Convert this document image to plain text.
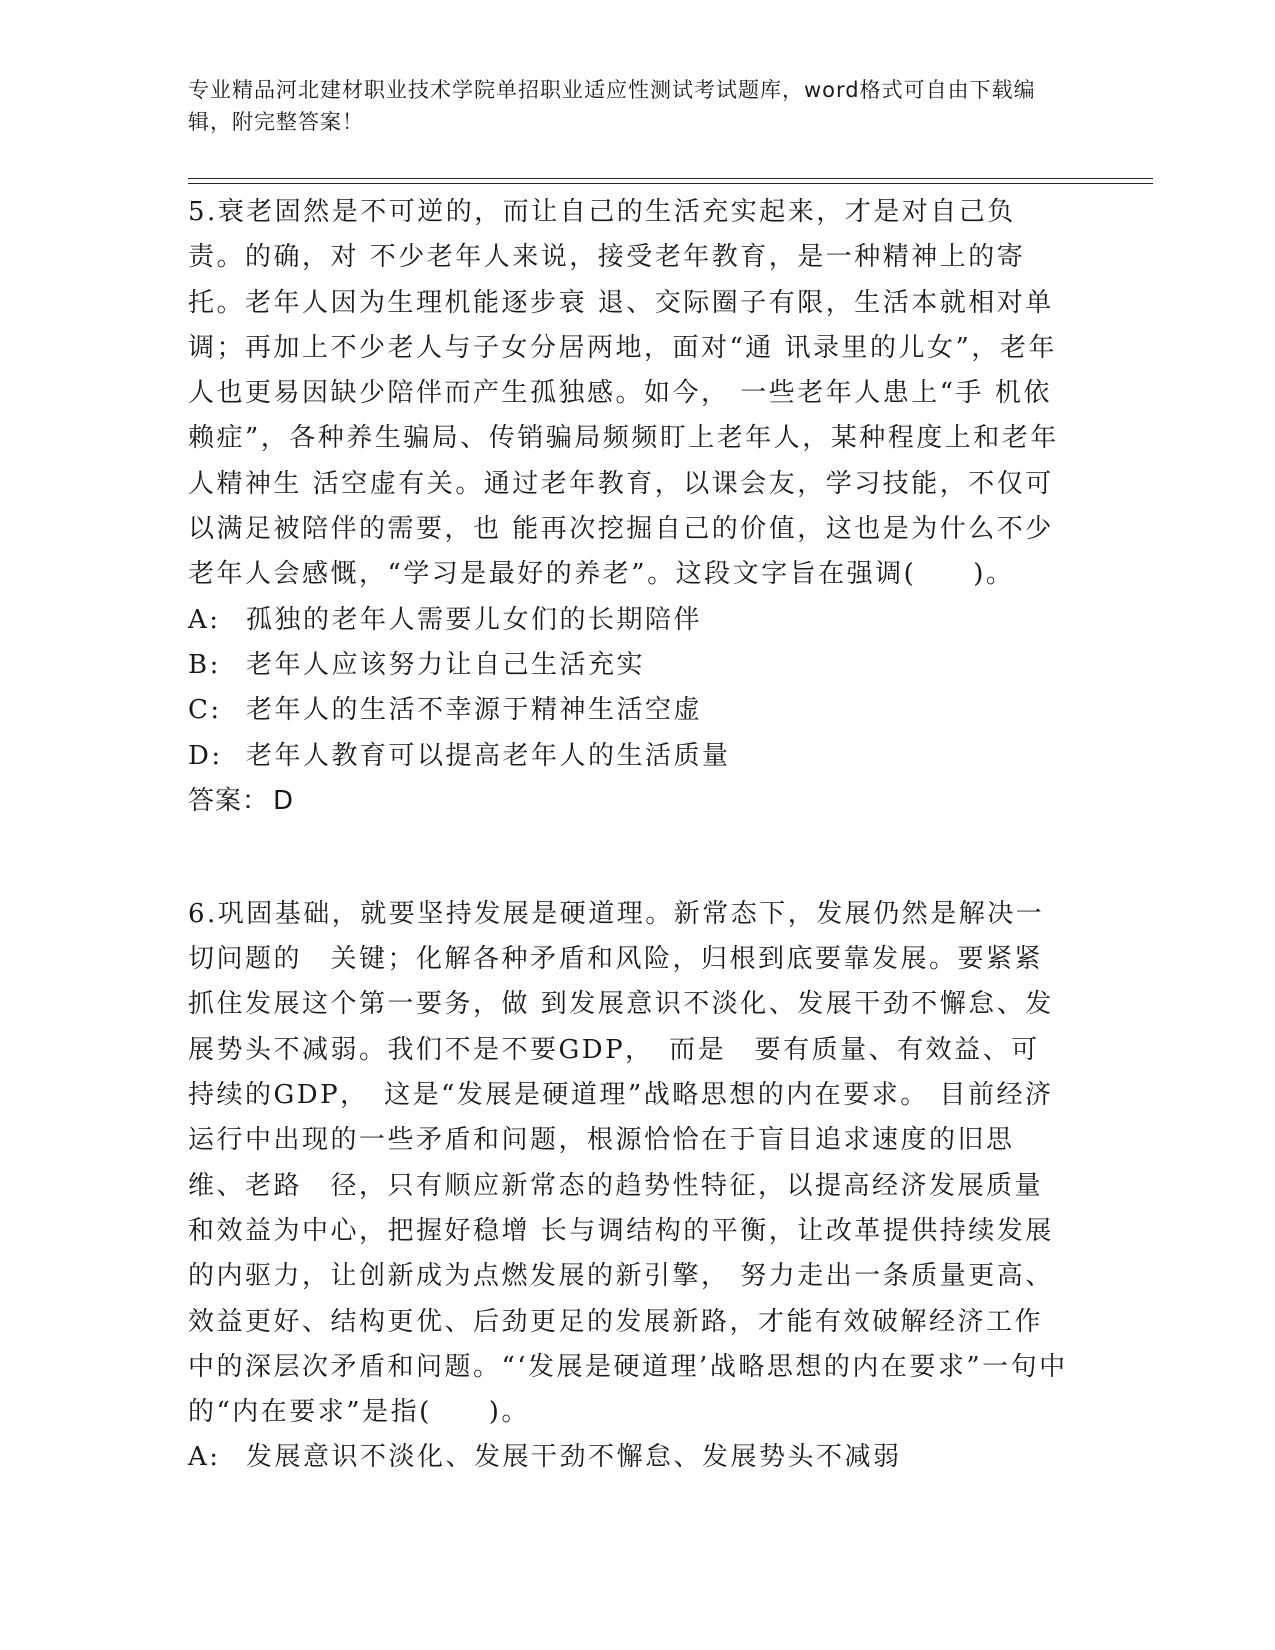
专业精品河北建材职业技术学院单招职业适应性测试考试题库，word格式可自由下载编辑，附完整答案！

5.衰老固然是不可逆的，而让自己的生活充实起来，才是对自己负责。的确，对 不少老年人来说，接受老年教育，是一种精神上的寄托。老年人因为生理机能逐步衰 退、交际圈子有限，生活本就相对单调；再加上不少老人与子女分居两地，面对“通 讯录里的儿女”，老年人也更易因缺少陪伴而产生孤独感。如今， 一些老年人患上“手 机依赖症”，各种养生骗局、传销骗局频频盯上老年人，某种程度上和老年人精神生 活空虚有关。通过老年教育，以课会友，学习技能，不仅可以满足被陪伴的需要，也 能再次挖掘自己的价值，这也是为什么不少老年人会感慨，“学习是最好的养老”。这段文字旨在强调(　　)。

A: 孤独的老年人需要儿女们的长期陪伴
B: 老年人应该努力让自己生活充实
C: 老年人的生活不幸源于精神生活空虚
D: 老年人教育可以提高老年人的生活质量

答案： D

6.巩固基础，就要坚持发展是硬道理。新常态下，发展仍然是解决一切问题的　关键；化解各种矛盾和风险，归根到底要靠发展。要紧紧抓住发展这个第一要务，做 到发展意识不淡化、发展干劲不懈怠、发展势头不减弱。我们不是不要GDP，　而是　要有质量、有效益、可持续的GDP，　这是“发展是硬道理”战略思想的内在要求。 目前经济运行中出现的一些矛盾和问题，根源恰恰在于盲目追求速度的旧思维、老路　径，只有顺应新常态的趋势性特征，以提高经济发展质量和效益为中心，把握好稳增 长与调结构的平衡，让改革提供持续发展的内驱力，让创新成为点燃发展的新引擎， 努力走出一条质量更高、效益更好、结构更优、后劲更足的发展新路，才能有效破解经济工作中的深层次矛盾和问题。“‘发展是硬道理’战略思想的内在要求”一句中的“内在要求”是指(　　)。

A: 发展意识不淡化、发展干劲不懈怠、发展势头不减弱
